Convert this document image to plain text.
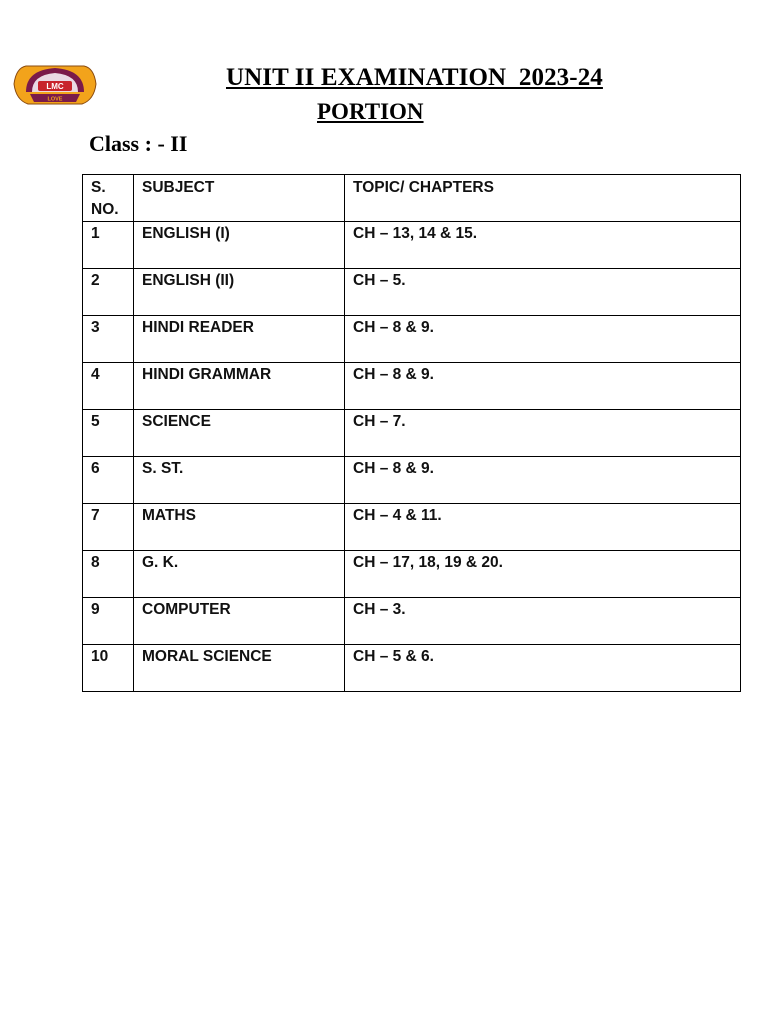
LMC
LOVE
UNIT II EXAMINATION  2023-24
PORTION
Class : - II
S. NO.	SUBJECT	TOPIC/ CHAPTERS
1	ENGLISH (I)	CH – 13, 14 & 15.
2	ENGLISH (II)	CH – 5.
3	HINDI READER	CH – 8 & 9.
4	HINDI GRAMMAR	CH – 8 & 9.
5	SCIENCE	CH – 7.
6	S. ST.	CH – 8 & 9.
7	MATHS	CH – 4 & 11.
8	G. K.	CH – 17, 18, 19 & 20.
9	COMPUTER	CH – 3.
10	MORAL SCIENCE	CH – 5 & 6.
